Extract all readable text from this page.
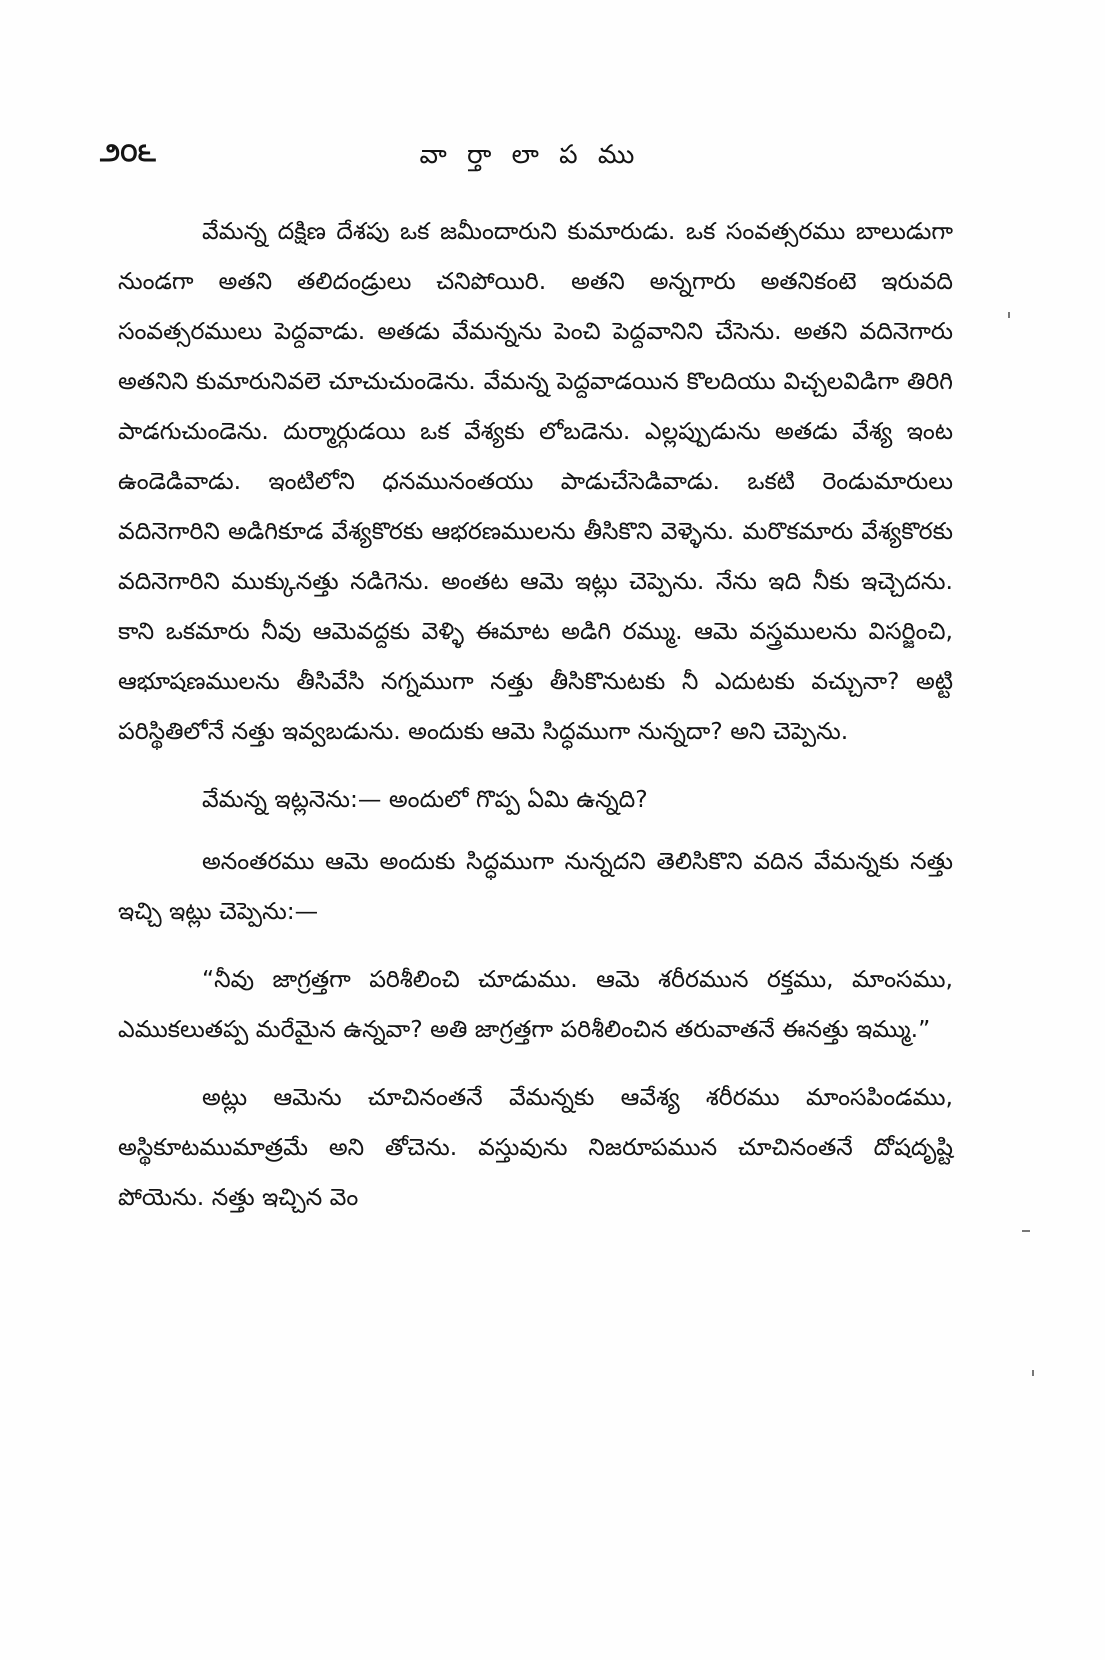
౨౦౬	వా ర్తా లా ప ము

వేమన్న దక్షిణ దేశపు ఒక జమీందారుని కుమారుడు. ఒక సంవత్సరము బాలుడుగా నుండగా అతని తలిదండ్రులు చనిపోయిరి. అతని అన్నగారు అతనికంటె ఇరువది సంవత్సరములు పెద్దవాడు. అతడు వేమన్నను పెంచి పెద్దవానిని చేసెను. అతని వదినెగారు అతనిని కుమారునివలె చూచుచుండెను. వేమన్న పెద్దవాడయిన కొలదియు విచ్చలవిడిగా తిరిగి పాడగుచుండెను. దుర్మార్గుడయి ఒక వేశ్యకు లోబడెను. ఎల్లప్పుడును అతడు వేశ్య ఇంట ఉండెడివాడు. ఇంటిలోని ధనమునంతయు పాడుచేసెడివాడు. ఒకటి రెండుమారులు వదినెగారిని అడిగికూడ వేశ్యకొరకు ఆభరణములను తీసికొని వెళ్ళెను. మరొకమారు వేశ్యకొరకు వదినెగారిని ముక్కునత్తు నడిగెను. అంతట ఆమె ఇట్లు చెప్పెను. నేను ఇది నీకు ఇచ్చెదను. కాని ఒకమారు నీవు ఆమెవద్దకు వెళ్ళి ఈమాట అడిగి రమ్ము. ఆమె వస్త్రములను విసర్జించి, ఆభూషణములను తీసివేసి నగ్నముగా నత్తు తీసికొనుటకు నీ ఎదుటకు వచ్చునా? అట్టి పరిస్థితిలోనే నత్తు ఇవ్వబడును. అందుకు ఆమె సిద్ధముగా నున్నదా? అని చెప్పెను.

వేమన్న ఇట్లనెను:— అందులో గొప్ప ఏమి ఉన్నది?

అనంతరము ఆమె అందుకు సిద్ధముగా నున్నదని తెలిసికొని వదిన వేమన్నకు నత్తు ఇచ్చి ఇట్లు చెప్పెను:—

“నీవు జాగ్రత్తగా పరిశీలించి చూడుము. ఆమె శరీరమున రక్తము, మాంసము, ఎముకలుతప్ప మరేమైన ఉన్నవా? అతి జాగ్రత్తగా పరిశీలించిన తరువాతనే ఈనత్తు ఇమ్ము.”

అట్లు ఆమెను చూచినంతనే వేమన్నకు ఆవేశ్య శరీరము మాంసపిండము, అస్థికూటముమాత్రమే అని తోచెను. వస్తువును నిజరూపమున చూచినంతనే దోషదృష్టి పోయెను. నత్తు ఇచ్చిన వెం
